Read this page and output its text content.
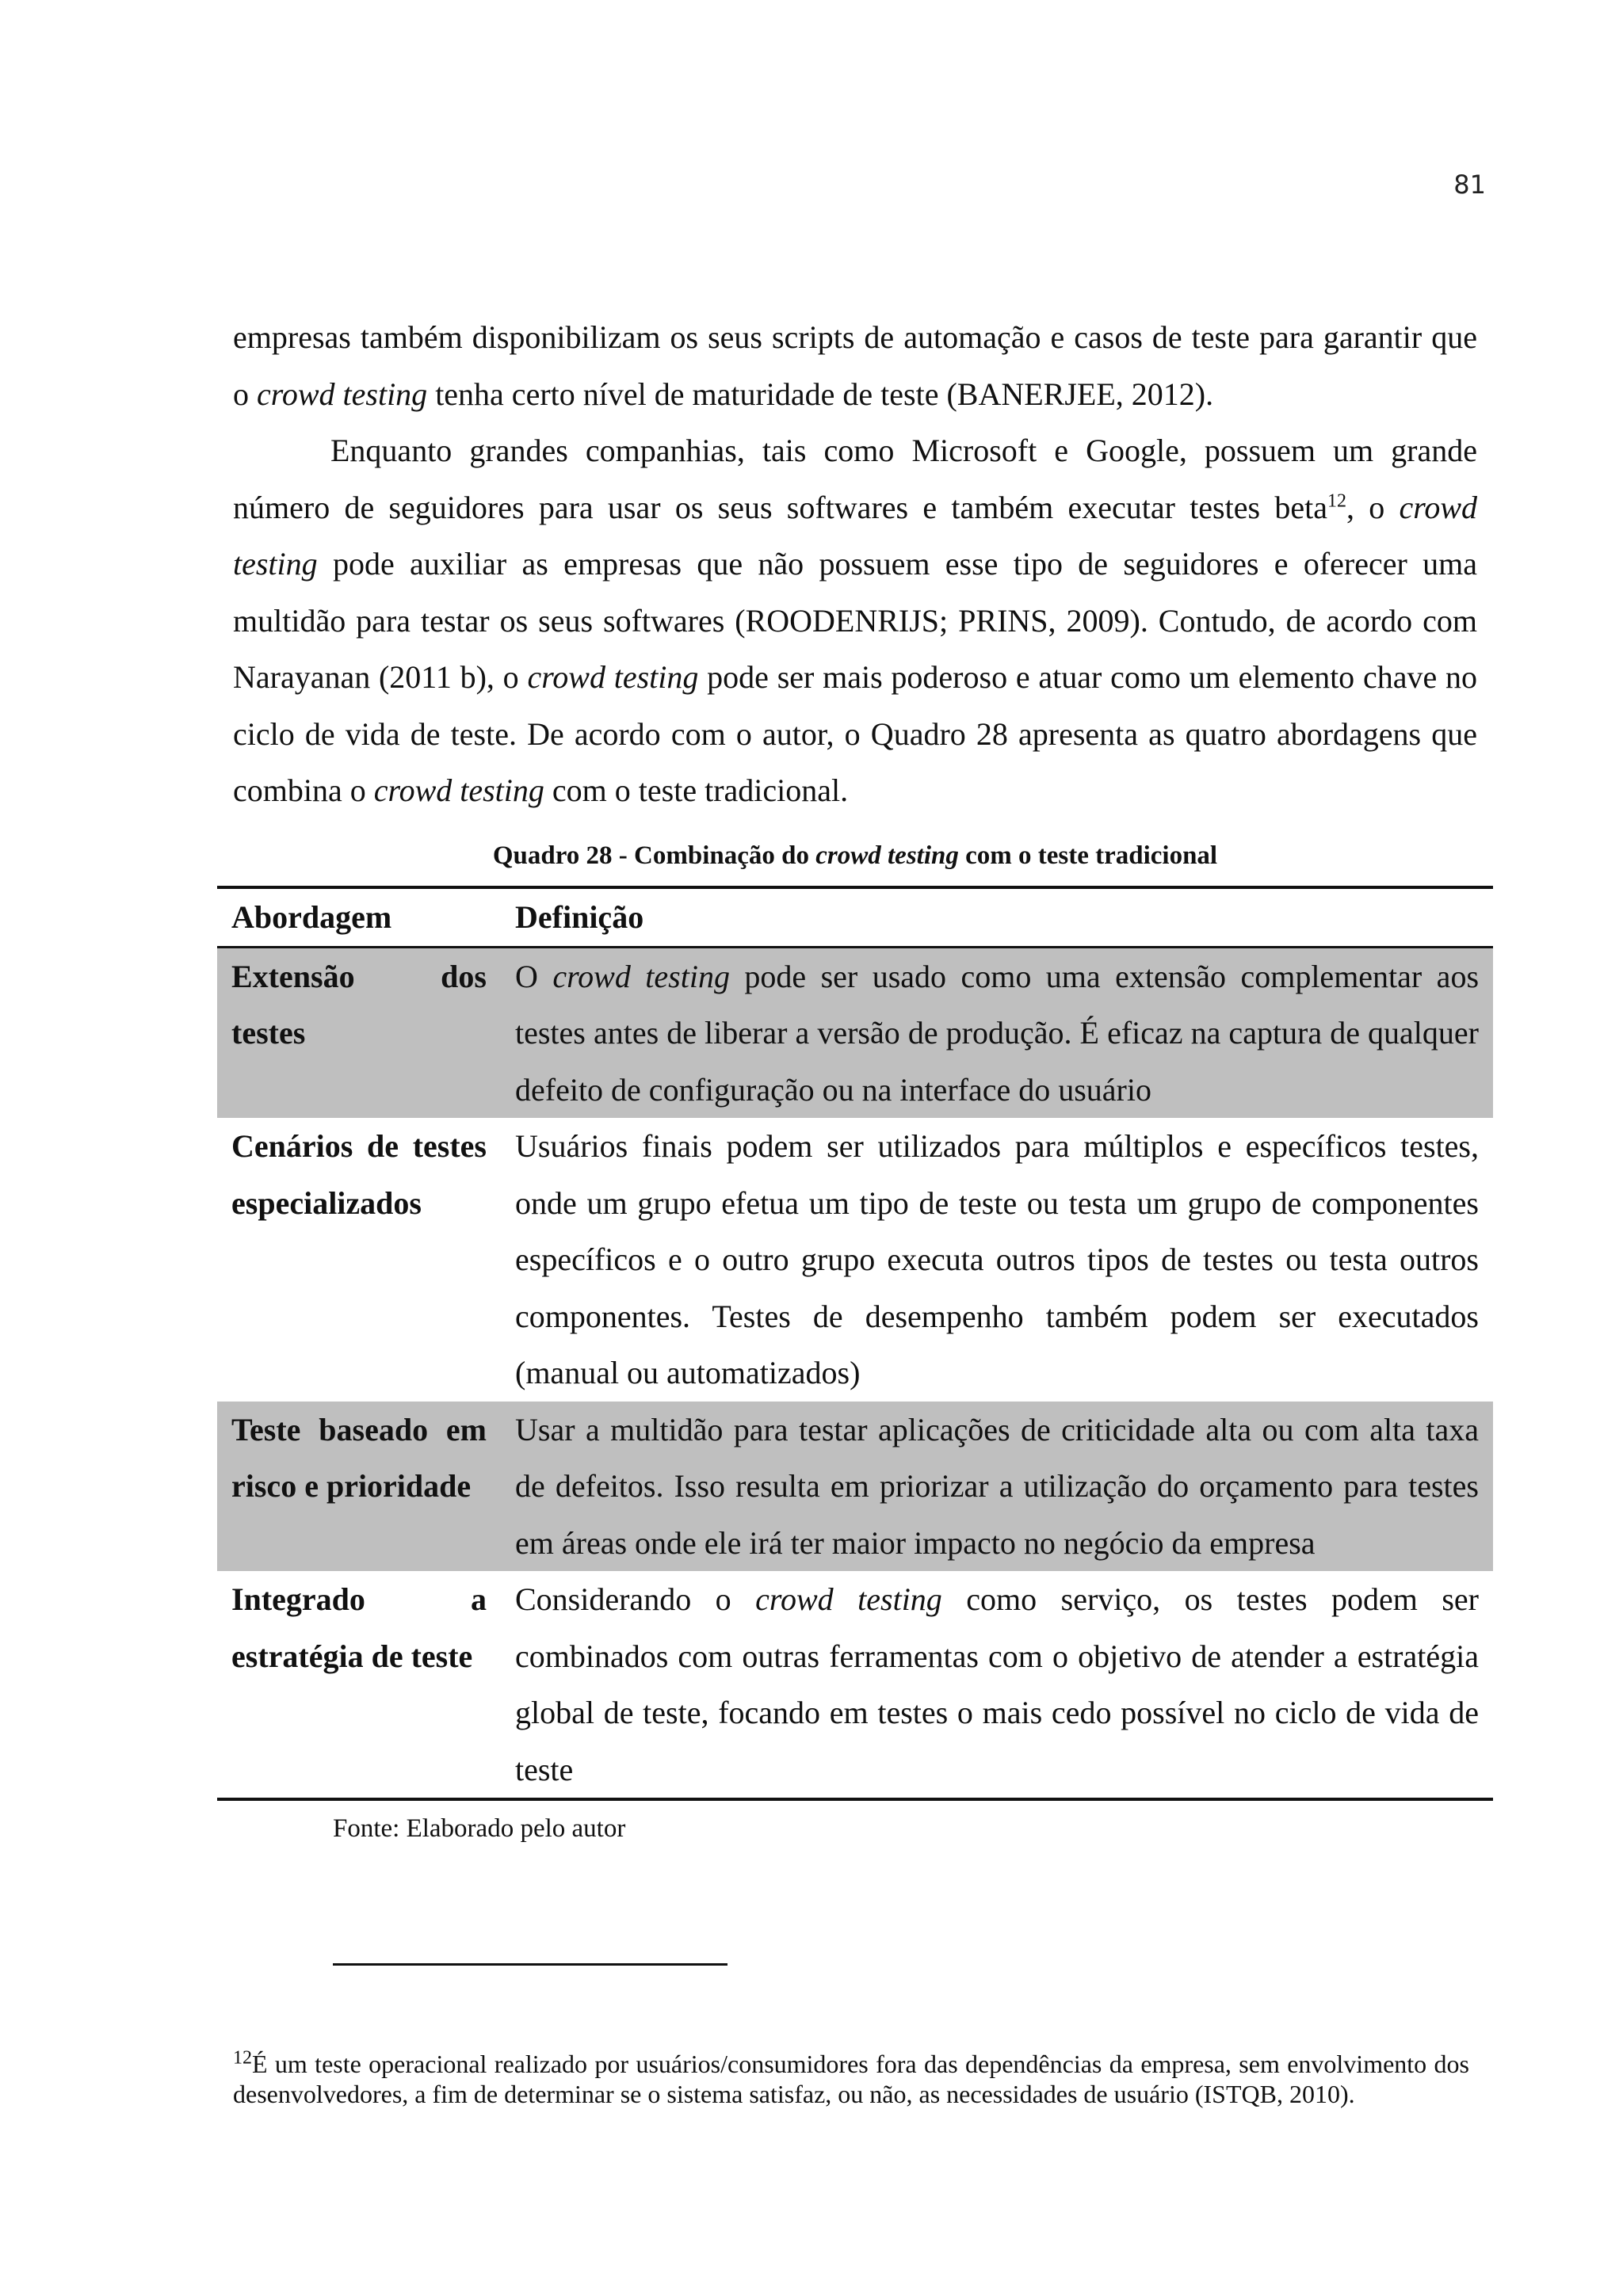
81

empresas também disponibilizam os seus scripts de automação e casos de teste para garantir que o crowd testing tenha certo nível de maturidade de teste (BANERJEE, 2012).

Enquanto grandes companhias, tais como Microsoft e Google, possuem um grande número de seguidores para usar os seus softwares e também executar testes beta$^{12}$, o crowd testing pode auxiliar as empresas que não possuem esse tipo de seguidores e oferecer uma multidão para testar os seus softwares (ROODENRIJS; PRINS, 2009). Contudo, de acordo com Narayanan (2011 b), o crowd testing pode ser mais poderoso e atuar como um elemento chave no ciclo de vida de teste. De acordo com o autor, o Quadro 28 apresenta as quatro abordagens que combina o crowd testing com o teste tradicional.

Quadro 28 - Combinação do crowd testing com o teste tradicional
Abordagem	Definição
Extensão dos testes	O crowd testing pode ser usado como uma extensão complementar aos testes antes de liberar a versão de produção. É eficaz na captura de qualquer defeito de configuração ou na interface do usuário
Cenários de testes especializados	Usuários finais podem ser utilizados para múltiplos e específicos testes, onde um grupo efetua um tipo de teste ou testa um grupo de componentes específicos e o outro grupo executa outros tipos de testes ou testa outros componentes. Testes de desempenho também podem ser executados (manual ou automatizados)
Teste baseado em risco e prioridade	Usar a multidão para testar aplicações de criticidade alta ou com alta taxa de defeitos. Isso resulta em priorizar a utilização do orçamento para testes em áreas onde ele irá ter maior impacto no negócio da empresa
Integrado a estratégia de teste	Considerando o crowd testing como serviço, os testes podem ser combinados com outras ferramentas com o objetivo de atender a estratégia global de teste, focando em testes o mais cedo possível no ciclo de vida de teste
Fonte: Elaborado pelo autor
$^{12}$É um teste operacional realizado por usuários/consumidores fora das dependências da empresa, sem envolvimento dos desenvolvedores, a fim de determinar se o sistema satisfaz, ou não, as necessidades de usuário (ISTQB, 2010).
